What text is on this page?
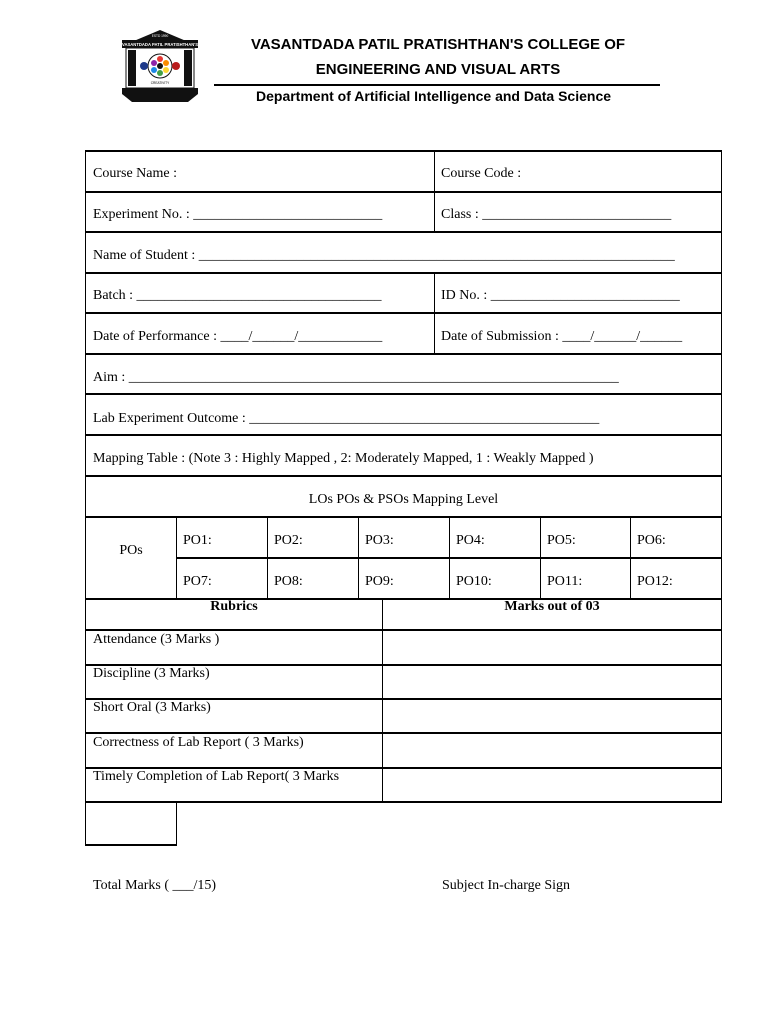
VASANTDADA PATIL PRATISHTHAN'S
ESTD 1990
CREATIVITY
VASANTDADA PATIL PRATISHTHAN'S COLLEGE OF
ENGINEERING AND VISUAL ARTS
Department of Artificial Intelligence and Data Science
Course Name :	Course Code :
Experiment No. : ___________________________	Class : ___________________________
Name of Student : ____________________________________________________________________
Batch : ___________________________________	ID No. : ___________________________
Date of Performance : ____/______/____________	Date of Submission : ____/______/______
Aim : ______________________________________________________________________
Lab Experiment Outcome : __________________________________________________
Mapping Table : (Note 3 : Highly Mapped , 2: Moderately Mapped, 1 : Weakly Mapped )
LOs POs & PSOs Mapping Level
POs
PO1:	PO2:	PO3:	PO4:	PO5:	PO6:
PO7:	PO8:	PO9:	PO10:	PO11:	PO12:
Rubrics	Marks out of 03
Attendance (3 Marks )
Discipline (3 Marks)
Short Oral (3 Marks)
Correctness of Lab Report ( 3 Marks)
Timely Completion of Lab Report( 3 Marks
Total Marks ( ___/15)	Subject In-charge Sign
